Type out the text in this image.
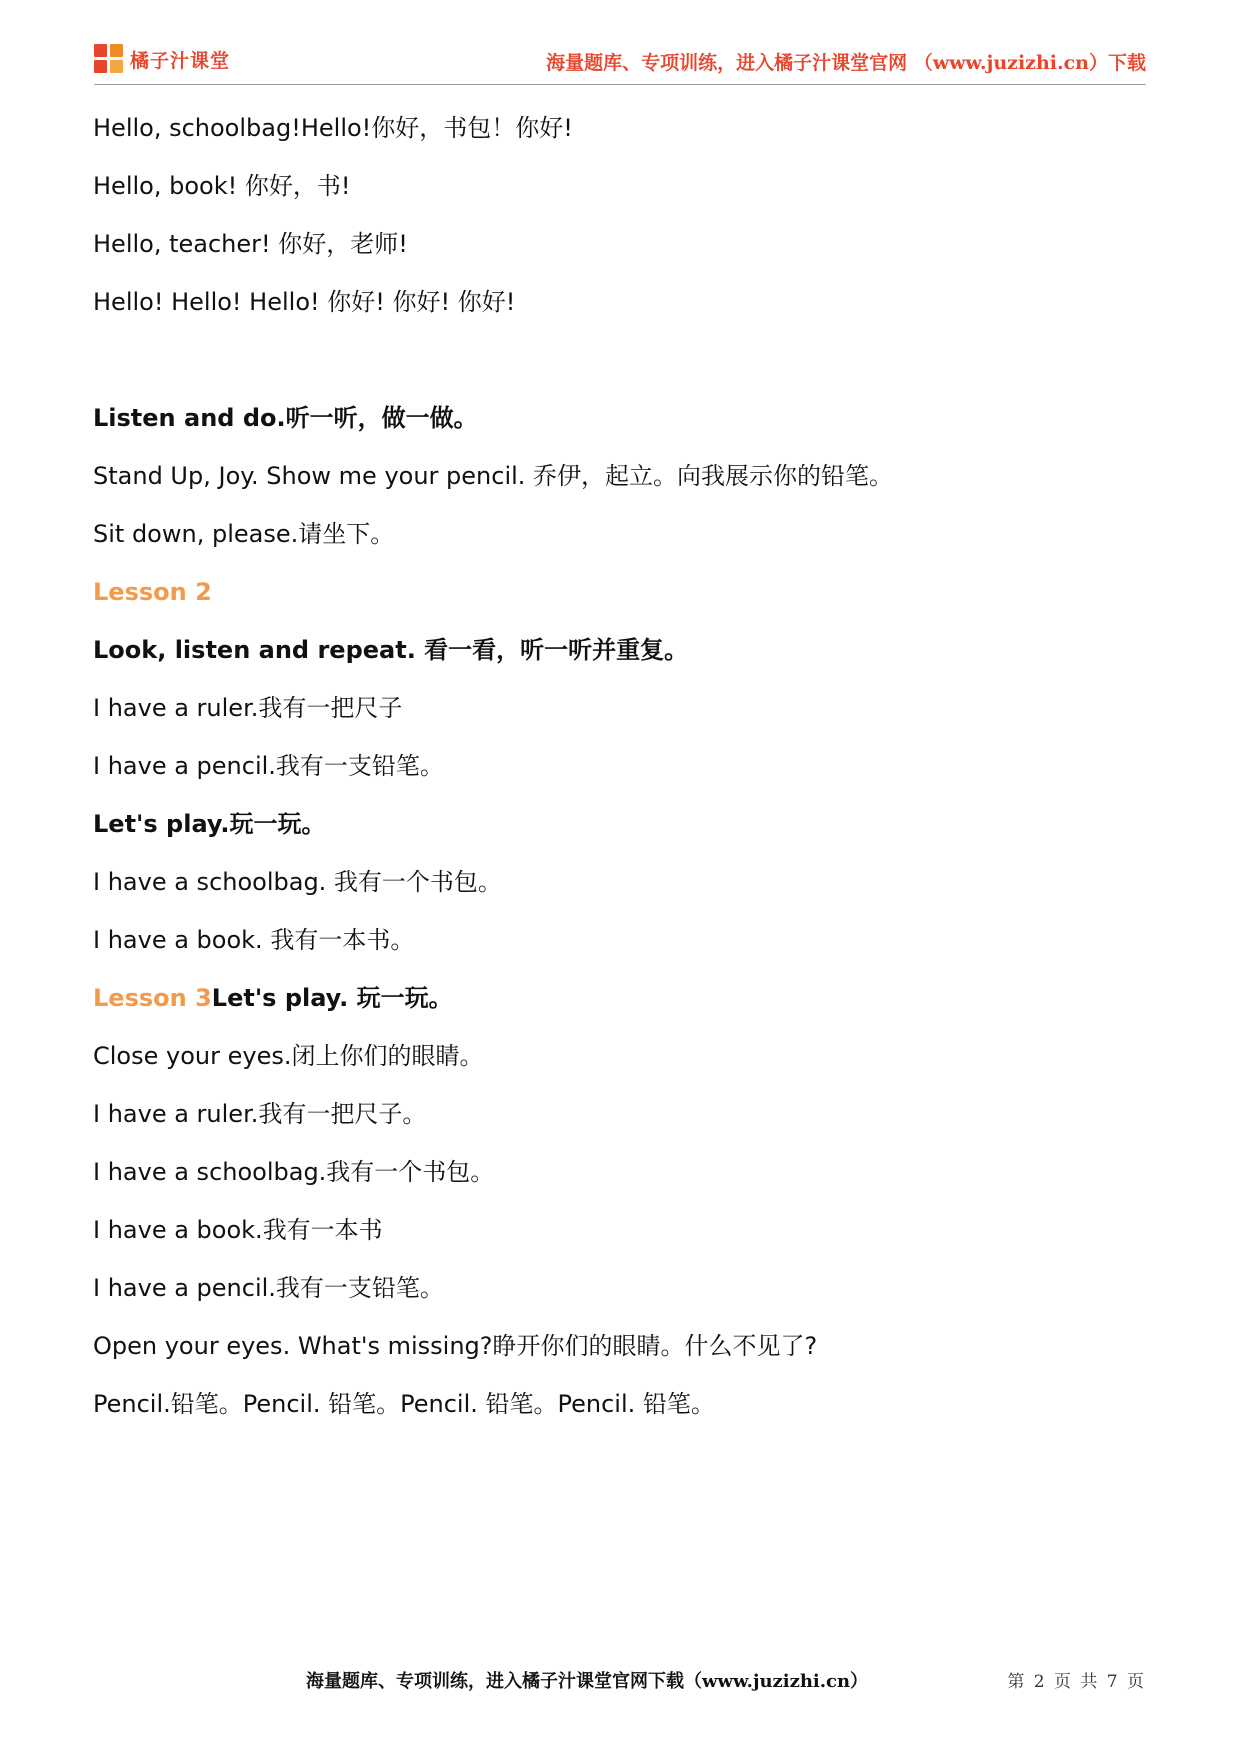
橘子汁课堂	海量题库、专项训练，进入橘子汁课堂官网 （www.juzizhi.cn）下载
Hello, schoolbag!Hello!你好，书包！你好!
Hello, book! 你好，书!
Hello, teacher! 你好，老师!
Hello! Hello! Hello! 你好! 你好! 你好!
Listen and do.听一听，做一做。
Stand Up, Joy. Show me your pencil. 乔伊，起立。向我展示你的铅笔。
Sit down, please.请坐下。
Lesson 2
Look, listen and repeat. 看一看，听一听并重复。
I have a ruler.我有一把尺子
I have a pencil.我有一支铅笔。
Let's play.玩一玩。
I have a schoolbag. 我有一个书包。
I have a book. 我有一本书。
Lesson 3Let's play. 玩一玩。
Close your eyes.闭上你们的眼睛。
I have a ruler.我有一把尺子。
I have a schoolbag.我有一个书包。
I have a book.我有一本书
I have a pencil.我有一支铅笔。
Open your eyes. What's missing?睁开你们的眼睛。什么不见了?
Pencil.铅笔。Pencil. 铅笔。Pencil. 铅笔。Pencil. 铅笔。
海量题库、专项训练，进入橘子汁课堂官网下载（www.juzizhi.cn）	第 2 页 共 7 页
